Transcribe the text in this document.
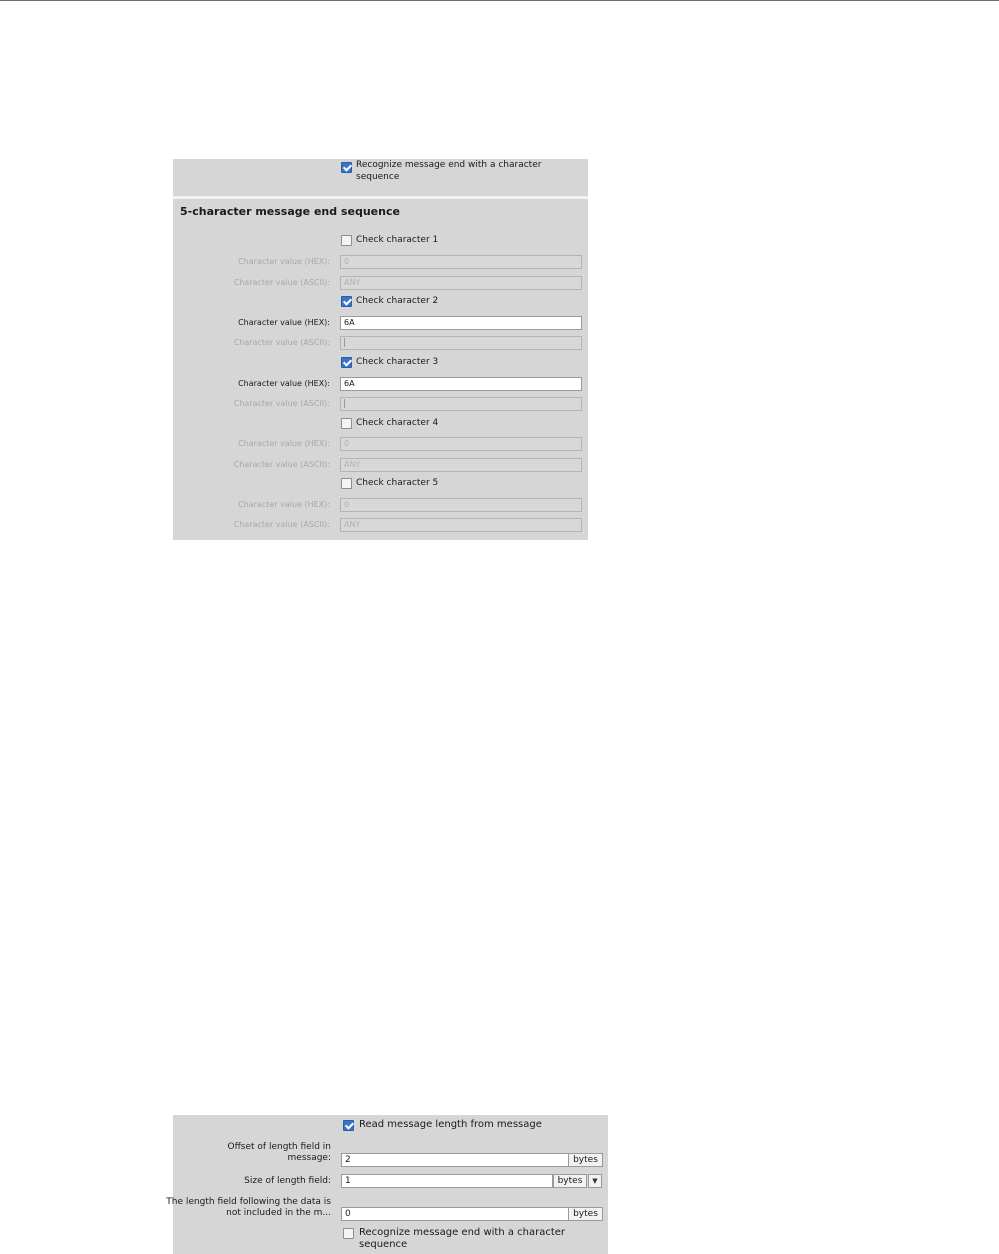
Recognize message end with a character sequence
5-character message end sequence
Check character 1
Character value (HEX):	0
Character value (ASCII):	ANY
Check character 2
Character value (HEX):	6A
Character value (ASCII):
Check character 3
Character value (HEX):	6A
Character value (ASCII):
Check character 4
Character value (HEX):	0
Character value (ASCII):	ANY
Check character 5
Character value (HEX):	0
Character value (ASCII):	ANY
Read message length from message
Offset of length field in message:	2	bytes
Size of length field:	1	bytes	▼
The length field following the data is not included in the m...	0	bytes
Recognize message end with a character sequence
